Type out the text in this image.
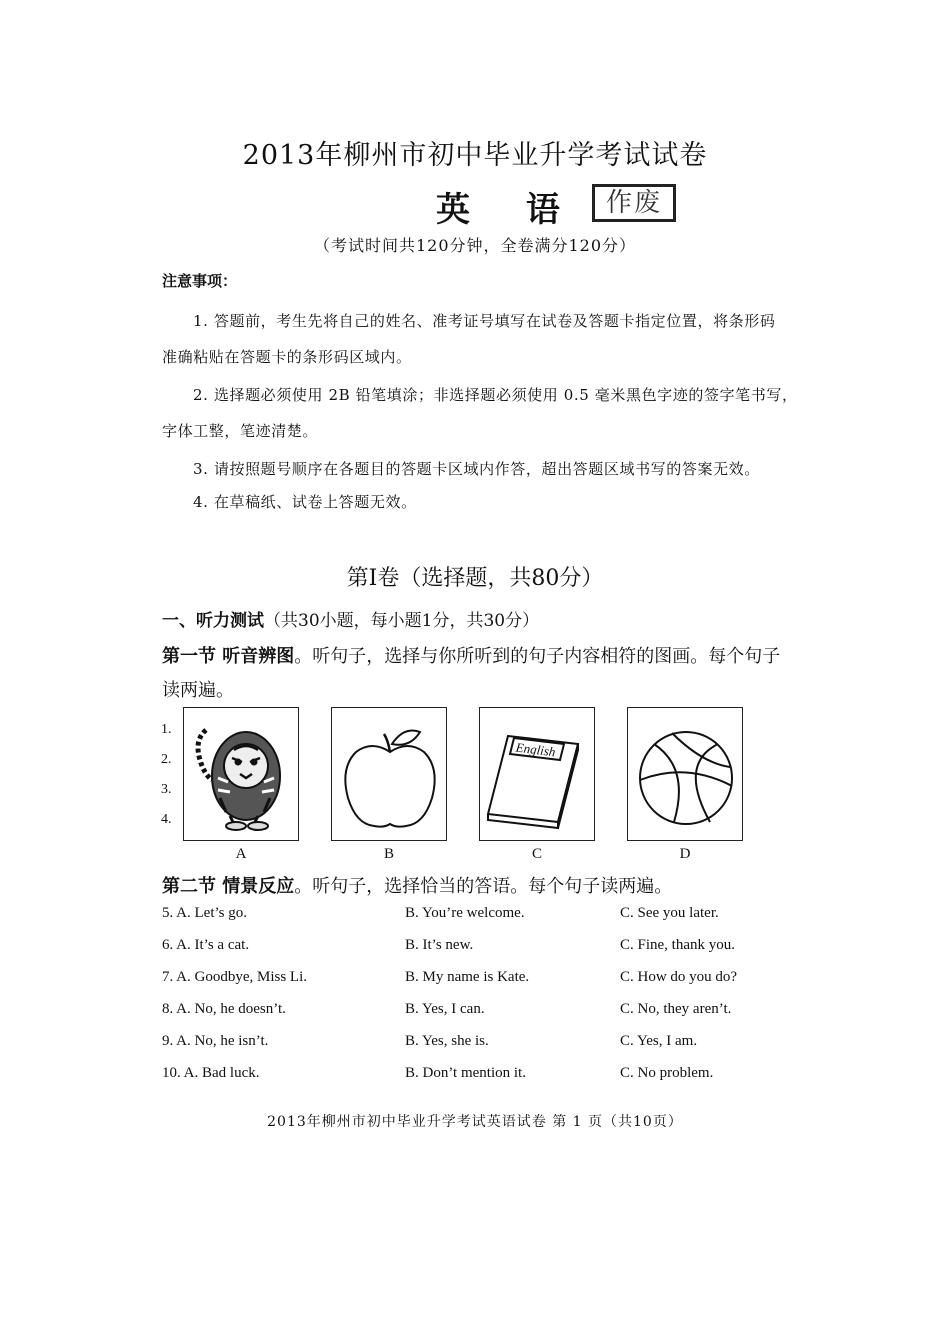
2013年柳州市初中毕业升学考试试卷
英 语 作废
（考试时间共120分钟，全卷满分120分）
注意事项：
1. 答题前，考生先将自己的姓名、准考证号填写在试卷及答题卡指定位置，将条形码
准确粘贴在答题卡的条形码区域内。
2. 选择题必须使用 2B 铅笔填涂；非选择题必须使用 0.5 毫米黑色字迹的签字笔书写，
字体工整，笔迹清楚。
3. 请按照题号顺序在各题目的答题卡区域内作答，超出答题区域书写的答案无效。
4. 在草稿纸、试卷上答题无效。
第Ⅰ卷（选择题，共80分）
一、听力测试（共30小题，每小题1分，共30分）
第一节 听音辨图。听句子，选择与你所听到的句子内容相符的图画。每个句子
读两遍。
1.
2.
3.
4.
English
A	B	C	D
第二节 情景反应。听句子，选择恰当的答语。每个句子读两遍。
5. A. Let’s go.	B. You’re welcome.	C. See you later.
6. A. It’s a cat.	B. It’s new.	C. Fine, thank you.
7. A. Goodbye, Miss Li.	B. My name is Kate.	C. How do you do?
8. A. No, he doesn’t.	B. Yes, I can.	C. No, they aren’t.
9. A. No, he isn’t.	B. Yes, she is.	C. Yes, I am.
10. A. Bad luck.	B. Don’t mention it.	C. No problem.
2013年柳州市初中毕业升学考试英语试卷 第 1 页（共10页）
